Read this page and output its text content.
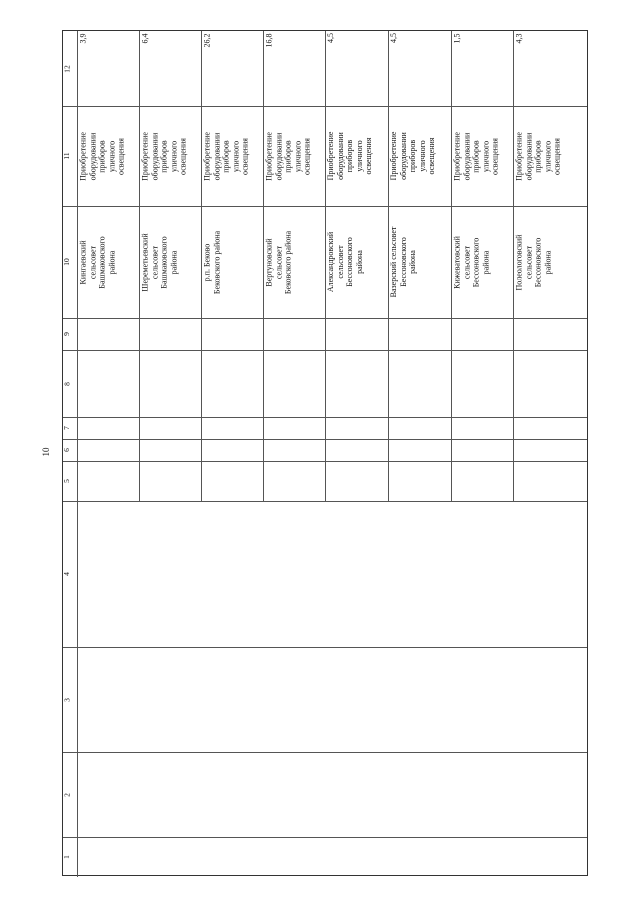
10
1
2
3
4
5
6
7
8
9
10
11
12
3,9
Приобретение оборудовании приборов уличного освещения
Кингаевский сельсовет Башмаковского района
6,4
Приобретение оборудовании приборов уличного освещения
Шереметьевский сельсовет Башмаковского района
26,2
Приобретение оборудовании приборов уличного освещения
р.п. Беково Бековского района
16,8
Приобретение оборудовании приборов уличного освещения
Вертуновский сельсовет Бековского района
4,5
Приобретение оборудовании приборов уличного освещения
Александровский сельсовет Бессоновского района
4,5
Приобретение оборудовании приборов уличного освещения
Вазерский сельсовет Бессоновского района
1,5
Приобретение оборудовании приборов уличного освещения
Кижеватовский сельсовет Бессоновского района
4,3
Приобретение оборудовании приборов уличного освещения
Полеологовский сельсовет Бессоновского района
